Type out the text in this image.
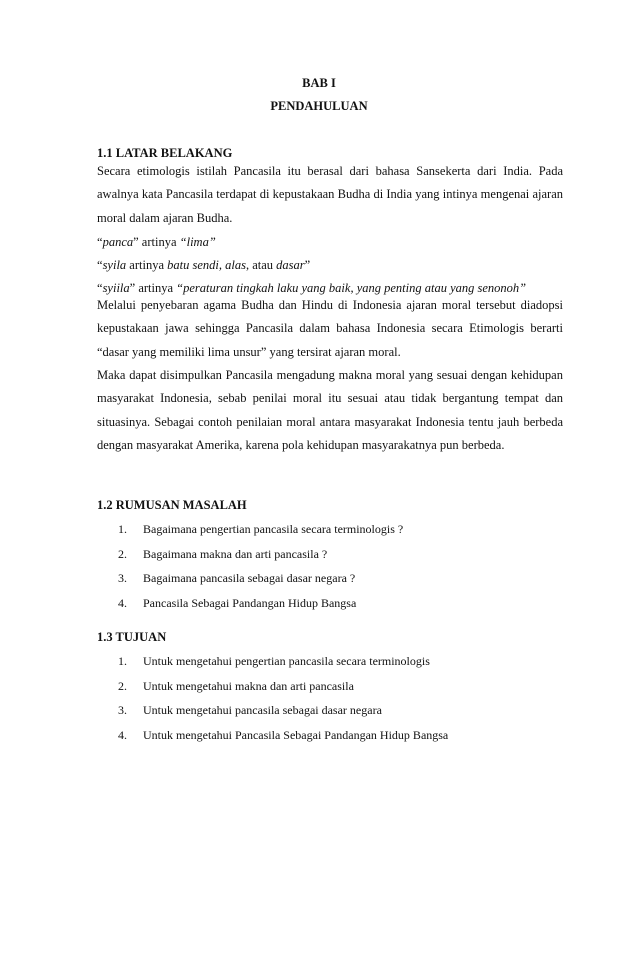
BAB I
PENDAHULUAN
1.1 LATAR BELAKANG

Secara etimologis istilah Pancasila itu berasal dari bahasa Sansekerta dari India. Pada awalnya kata Pancasila terdapat di kepustakaan Budha di India yang intinya mengenai ajaran moral dalam ajaran Budha.

“panca” artinya “lima”
“syila artinya batu sendi, alas, atau dasar”
“syiila” artinya “peraturan tingkah laku yang baik, yang penting atau yang senonoh”

Melalui penyebaran agama Budha dan Hindu di Indonesia ajaran moral tersebut diadopsi kepustakaan jawa sehingga Pancasila dalam bahasa Indonesia secara Etimologis berarti “dasar yang memiliki lima unsur” yang tersirat ajaran moral.

Maka dapat disimpulkan Pancasila mengadung makna moral yang sesuai dengan kehidupan masyarakat Indonesia, sebab penilai moral itu sesuai atau tidak bergantung tempat dan situasinya. Sebagai contoh penilaian moral antara masyarakat Indonesia tentu jauh berbeda dengan masyarakat Amerika, karena pola kehidupan masyarakatnya pun berbeda.

1.2 RUMUSAN MASALAH
1. Bagaimana pengertian pancasila secara terminologis ?
2. Bagaimana makna dan arti pancasila ?
3. Bagaimana pancasila sebagai dasar negara ?
4. Pancasila Sebagai Pandangan Hidup Bangsa
1.3 TUJUAN
1. Untuk mengetahui pengertian pancasila secara terminologis
2. Untuk mengetahui makna dan arti pancasila
3. Untuk mengetahui pancasila sebagai dasar negara
4. Untuk mengetahui Pancasila Sebagai Pandangan Hidup Bangsa
